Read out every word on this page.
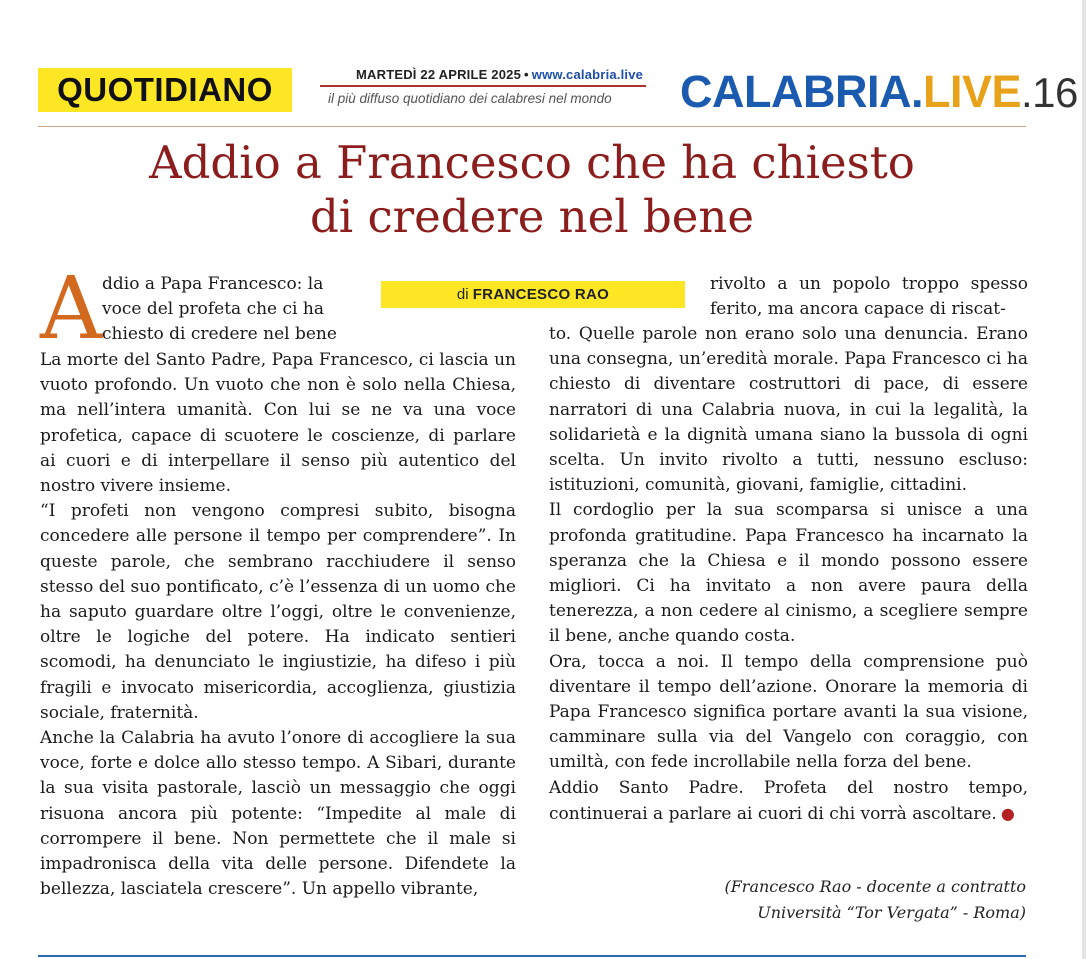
QUOTIDIANO	MARTEDÌ 22 APRILE 2025 • www.calabria.live
il più diffuso quotidiano dei calabresi nel mondo	CALABRIA.LIVE.16
Addio a Francesco che ha chiesto
di credere nel bene
di FRANCESCO RAO
A ddio a Papa Francesco: la voce del profeta che ci ha chiesto di credere nel bene

La morte del Santo Padre, Papa Francesco, ci lascia un vuoto profondo. Un vuoto che non è solo nella Chiesa, ma nell’intera umanità. Con lui se ne va una voce profetica, capace di scuotere le coscienze, di parlare ai cuori e di interpellare il senso più autentico del nostro vivere insieme.

“I profeti non vengono compresi subito, bisogna concedere alle persone il tempo per comprendere”. In queste parole, che sembrano racchiudere il senso stesso del suo pontificato, c’è l’essenza di un uomo che ha saputo guardare oltre l’oggi, oltre le convenienze, oltre le logiche del potere. Ha indicato sentieri scomodi, ha denunciato le ingiustizie, ha difeso i più fragili e invocato misericordia, accoglienza, giustizia sociale, fraternità.

Anche la Calabria ha avuto l’onore di accogliere la sua voce, forte e dolce allo stesso tempo. A Sibari, durante la sua visita pastorale, lasciò un messaggio che oggi risuona ancora più potente: “Impedite al male di corrompere il bene. Non permettete che il male si impadronisca della vita delle persone. Difendete la bellezza, lasciatela crescere”. Un appello vibrante,

rivolto a un popolo troppo spesso ferito, ma ancora capace di riscat-

to. Quelle parole non erano solo una denuncia. Erano una consegna, un’eredità morale. Papa Francesco ci ha chiesto di diventare costruttori di pace, di essere narratori di una Calabria nuova, in cui la legalità, la solidarietà e la dignità umana siano la bussola di ogni scelta. Un invito rivolto a tutti, nessuno escluso: istituzioni, comunità, giovani, famiglie, cittadini.

Il cordoglio per la sua scomparsa si unisce a una profonda gratitudine. Papa Francesco ha incarnato la speranza che la Chiesa e il mondo possono essere migliori. Ci ha invitato a non avere paura della tenerezza, a non cedere al cinismo, a scegliere sempre il bene, anche quando costa.

Ora, tocca a noi. Il tempo della comprensione può diventare il tempo dell’azione. Onorare la memoria di Papa Francesco significa portare avanti la sua visione, camminare sulla via del Vangelo con coraggio, con umiltà, con fede incrollabile nella forza del bene.

Addio Santo Padre. Profeta del nostro tempo, continuerai a parlare ai cuori di chi vorrà ascoltare. ●

(Francesco Rao - docente a contratto
Università “Tor Vergata” - Roma)
